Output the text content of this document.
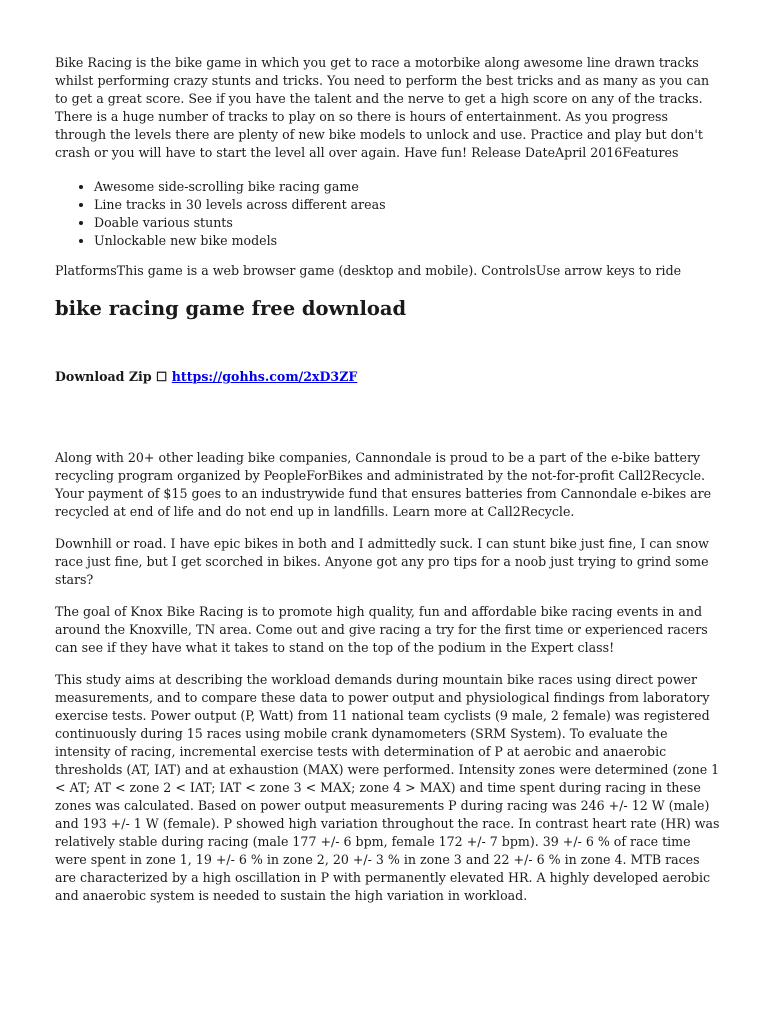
Bike Racing is the bike game in which you get to race a motorbike along awesome line drawn tracks whilst performing crazy stunts and tricks. You need to perform the best tricks and as many as you can to get a great score. See if you have the talent and the nerve to get a high score on any of the tracks. There is a huge number of tracks to play on so there is hours of entertainment. As you progress through the levels there are plenty of new bike models to unlock and use. Practice and play but don't crash or you will have to start the level all over again. Have fun! Release DateApril 2016Features

• Awesome side-scrolling bike racing game
• Line tracks in 30 levels across different areas
• Doable various stunts
• Unlockable new bike models

PlatformsThis game is a web browser game (desktop and mobile). ControlsUse arrow keys to ride

bike racing game free download

Download Zip ☐ https://gohhs.com/2xD3ZF

Along with 20+ other leading bike companies, Cannondale is proud to be a part of the e-bike battery recycling program organized by PeopleForBikes and administrated by the not-for-profit Call2Recycle. Your payment of $15 goes to an industrywide fund that ensures batteries from Cannondale e-bikes are recycled at end of life and do not end up in landfills. Learn more at Call2Recycle.

Downhill or road. I have epic bikes in both and I admittedly suck. I can stunt bike just fine, I can snow race just fine, but I get scorched in bikes. Anyone got any pro tips for a noob just trying to grind some stars?

The goal of Knox Bike Racing is to promote high quality, fun and affordable bike racing events in and around the Knoxville, TN area. Come out and give racing a try for the first time or experienced racers can see if they have what it takes to stand on the top of the podium in the Expert class!

This study aims at describing the workload demands during mountain bike races using direct power measurements, and to compare these data to power output and physiological findings from laboratory exercise tests. Power output (P, Watt) from 11 national team cyclists (9 male, 2 female) was registered continuously during 15 races using mobile crank dynamometers (SRM System). To evaluate the intensity of racing, incremental exercise tests with determination of P at aerobic and anaerobic thresholds (AT, IAT) and at exhaustion (MAX) were performed. Intensity zones were determined (zone 1 < AT; AT < zone 2 < IAT; IAT < zone 3 < MAX; zone 4 > MAX) and time spent during racing in these zones was calculated. Based on power output measurements P during racing was 246 +/- 12 W (male) and 193 +/- 1 W (female). P showed high variation throughout the race. In contrast heart rate (HR) was relatively stable during racing (male 177 +/- 6 bpm, female 172 +/- 7 bpm). 39 +/- 6 % of race time were spent in zone 1, 19 +/- 6 % in zone 2, 20 +/- 3 % in zone 3 and 22 +/- 6 % in zone 4. MTB races are characterized by a high oscillation in P with permanently elevated HR. A highly developed aerobic and anaerobic system is needed to sustain the high variation in workload.
